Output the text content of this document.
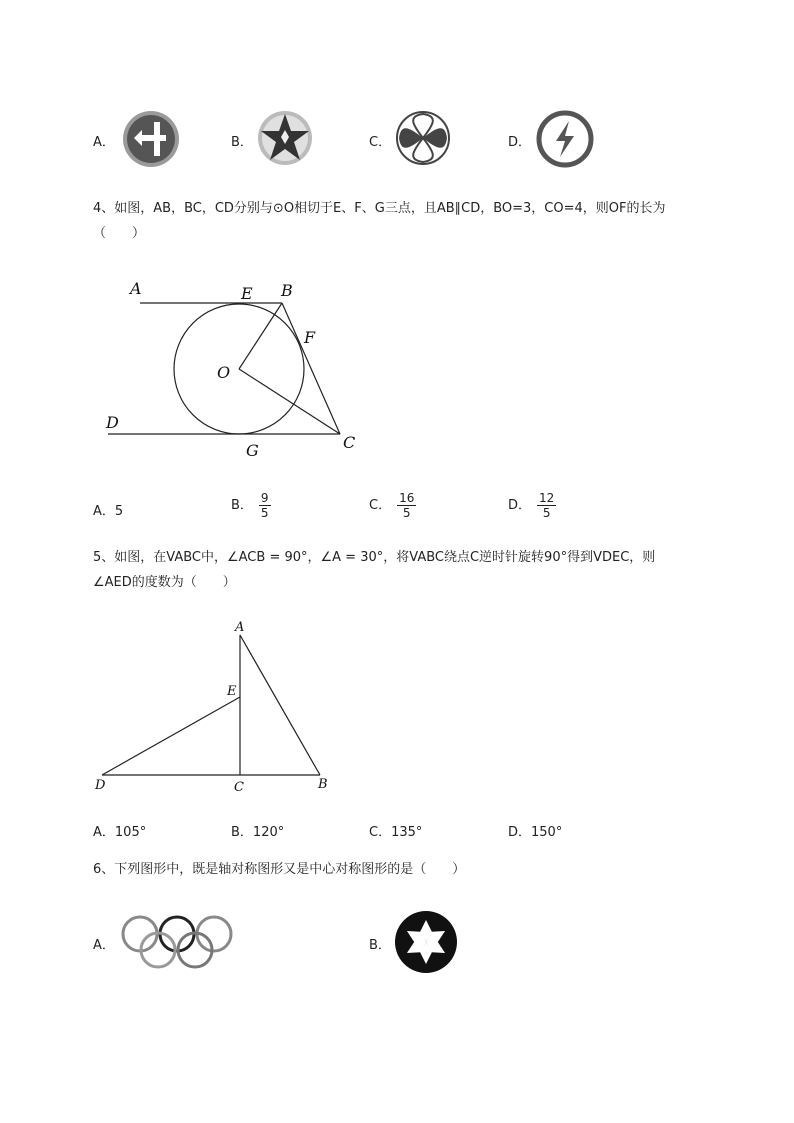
A．	B．	C．	D．
4、如图，AB，BC，CD分别与⊙O相切于E、F、G三点，且AB∥CD，BO=3，CO=4，则OF的长为
（　　）
A	E B
F
O
D
G	C
A．5	B． $\frac{9}{5}$	C． $\frac{16}{5}$	D． $\frac{12}{5}$
5、如图，在VABC中，∠ACB = 90°，∠A = 30°，将VABC绕点C逆时针旋转90°得到VDEC，则
∠AED的度数为（　　）
A
E
D	C	B
A．105°	B．120°	C．135°	D．150°
6、下列图形中，既是轴对称图形又是中心对称图形的是（　　）
A．	B．
